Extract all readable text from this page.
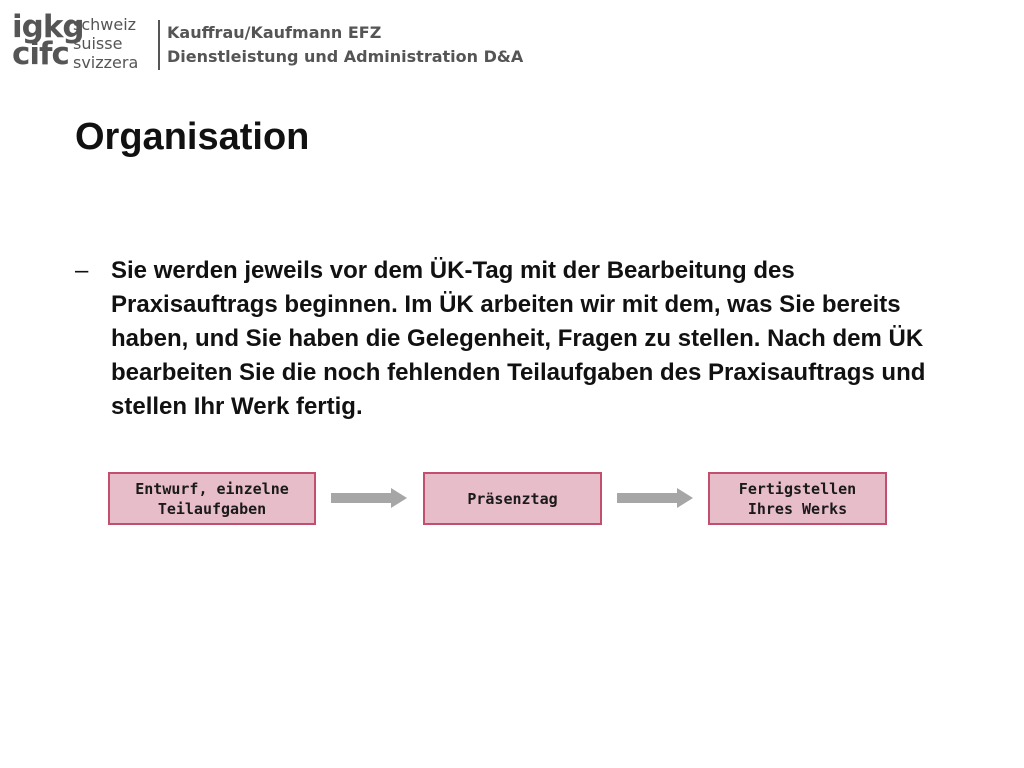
igkg
cifc
schweiz
suisse
svizzera
Kauffrau/Kaufmann EFZ
Dienstleistung und Administration D&A
Organisation
– Sie werden jeweils vor dem ÜK-Tag mit der Bearbeitung des Praxisauftrags beginnen. Im ÜK arbeiten wir mit dem, was Sie bereits haben, und Sie haben die Gelegenheit, Fragen zu stellen. Nach dem ÜK bearbeiten Sie die noch fehlenden Teilaufgaben des Praxisauftrags und stellen Ihr Werk fertig.
Entwurf, einzelne
Teilaufgaben
Präsenztag
Fertigstellen
Ihres Werks
